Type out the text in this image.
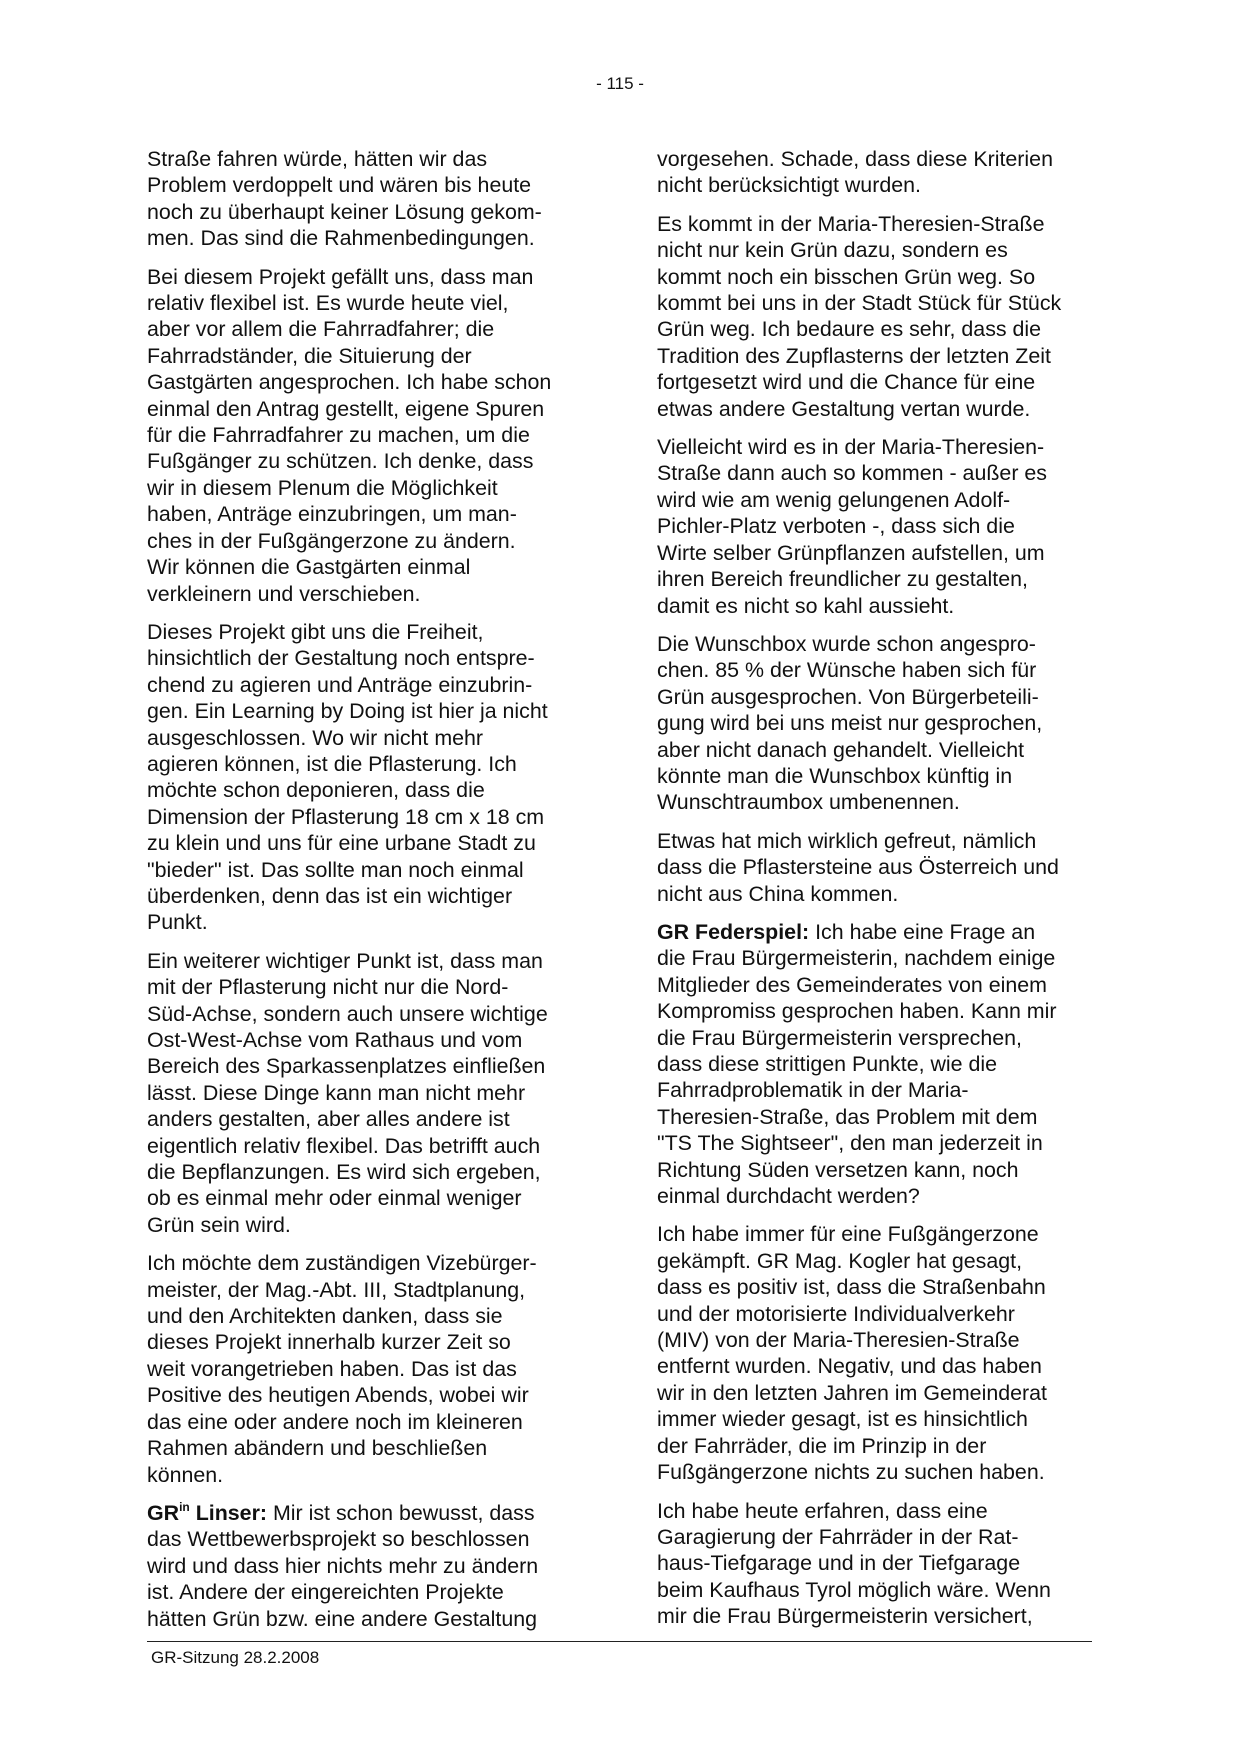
- 115 -
Straße fahren würde, hätten wir das
Problem verdoppelt und wären bis heute
noch zu überhaupt keiner Lösung gekom-
men. Das sind die Rahmenbedingungen.
Bei diesem Projekt gefällt uns, dass man
relativ flexibel ist. Es wurde heute viel,
aber vor allem die Fahrradfahrer; die
Fahrradständer, die Situierung der
Gastgärten angesprochen. Ich habe schon
einmal den Antrag gestellt, eigene Spuren
für die Fahrradfahrer zu machen, um die
Fußgänger zu schützen. Ich denke, dass
wir in diesem Plenum die Möglichkeit
haben, Anträge einzubringen, um man-
ches in der Fußgängerzone zu ändern.
Wir können die Gastgärten einmal
verkleinern und verschieben.
Dieses Projekt gibt uns die Freiheit,
hinsichtlich der Gestaltung noch entspre-
chend zu agieren und Anträge einzubrin-
gen. Ein Learning by Doing ist hier ja nicht
ausgeschlossen. Wo wir nicht mehr
agieren können, ist die Pflasterung. Ich
möchte schon deponieren, dass die
Dimension der Pflasterung 18 cm x 18 cm
zu klein und uns für eine urbane Stadt zu
"bieder" ist. Das sollte man noch einmal
überdenken, denn das ist ein wichtiger
Punkt.
Ein weiterer wichtiger Punkt ist, dass man
mit der Pflasterung nicht nur die Nord-
Süd-Achse, sondern auch unsere wichtige
Ost-West-Achse vom Rathaus und vom
Bereich des Sparkassenplatzes einfließen
lässt. Diese Dinge kann man nicht mehr
anders gestalten, aber alles andere ist
eigentlich relativ flexibel. Das betrifft auch
die Bepflanzungen. Es wird sich ergeben,
ob es einmal mehr oder einmal weniger
Grün sein wird.
Ich möchte dem zuständigen Vizebürger-
meister, der Mag.-Abt. III, Stadtplanung,
und den Architekten danken, dass sie
dieses Projekt innerhalb kurzer Zeit so
weit vorangetrieben haben. Das ist das
Positive des heutigen Abends, wobei wir
das eine oder andere noch im kleineren
Rahmen abändern und beschließen
können.
$GR^{in}$ Linser: Mir ist schon bewusst, dass
das Wettbewerbsprojekt so beschlossen
wird und dass hier nichts mehr zu ändern
ist. Andere der eingereichten Projekte
hätten Grün bzw. eine andere Gestaltung
vorgesehen. Schade, dass diese Kriterien
nicht berücksichtigt wurden.
Es kommt in der Maria-Theresien-Straße
nicht nur kein Grün dazu, sondern es
kommt noch ein bisschen Grün weg. So
kommt bei uns in der Stadt Stück für Stück
Grün weg. Ich bedaure es sehr, dass die
Tradition des Zupflasterns der letzten Zeit
fortgesetzt wird und die Chance für eine
etwas andere Gestaltung vertan wurde.
Vielleicht wird es in der Maria-Theresien-
Straße dann auch so kommen - außer es
wird wie am wenig gelungenen Adolf-
Pichler-Platz verboten -, dass sich die
Wirte selber Grünpflanzen aufstellen, um
ihren Bereich freundlicher zu gestalten,
damit es nicht so kahl aussieht.
Die Wunschbox wurde schon angespro-
chen. 85 % der Wünsche haben sich für
Grün ausgesprochen. Von Bürgerbeteili-
gung wird bei uns meist nur gesprochen,
aber nicht danach gehandelt. Vielleicht
könnte man die Wunschbox künftig in
Wunschtraumbox umbenennen.
Etwas hat mich wirklich gefreut, nämlich
dass die Pflastersteine aus Österreich und
nicht aus China kommen.
GR Federspiel: Ich habe eine Frage an
die Frau Bürgermeisterin, nachdem einige
Mitglieder des Gemeinderates von einem
Kompromiss gesprochen haben. Kann mir
die Frau Bürgermeisterin versprechen,
dass diese strittigen Punkte, wie die
Fahrradproblematik in der Maria-
Theresien-Straße, das Problem mit dem
"TS The Sightseer", den man jederzeit in
Richtung Süden versetzen kann, noch
einmal durchdacht werden?
Ich habe immer für eine Fußgängerzone
gekämpft. GR Mag. Kogler hat gesagt,
dass es positiv ist, dass die Straßenbahn
und der motorisierte Individualverkehr
(MIV) von der Maria-Theresien-Straße
entfernt wurden. Negativ, und das haben
wir in den letzten Jahren im Gemeinderat
immer wieder gesagt, ist es hinsichtlich
der Fahrräder, die im Prinzip in der
Fußgängerzone nichts zu suchen haben.
Ich habe heute erfahren, dass eine
Garagierung der Fahrräder in der Rat-
haus-Tiefgarage und in der Tiefgarage
beim Kaufhaus Tyrol möglich wäre. Wenn
mir die Frau Bürgermeisterin versichert,
GR-Sitzung 28.2.2008
